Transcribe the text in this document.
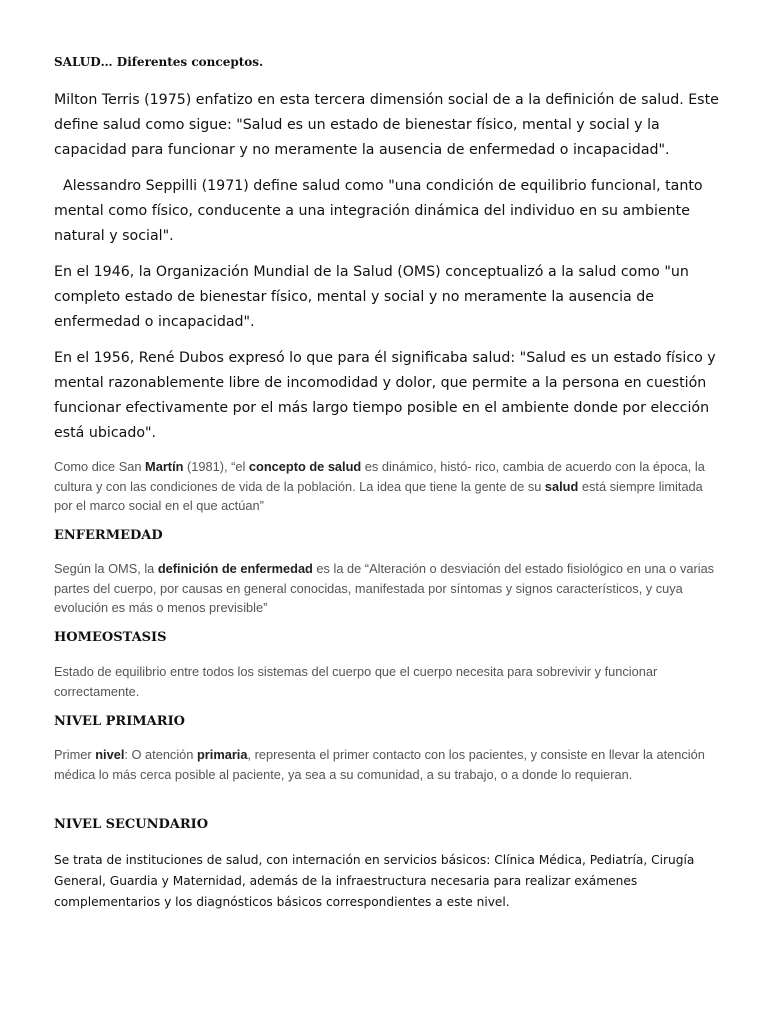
SALUD… Diferentes conceptos.

Milton Terris (1975) enfatizo en esta tercera dimensión social de a la definición de salud. Este define salud como sigue: "Salud es un estado de bienestar físico, mental y social y la capacidad para funcionar y no meramente la ausencia de enfermedad o incapacidad".

Alessandro Seppilli (1971) define salud como "una condición de equilibrio funcional, tanto mental como físico, conducente a una integración dinámica del individuo en su ambiente natural y social".

En el 1946, la Organización Mundial de la Salud (OMS) conceptualizó a la salud como "un completo estado de bienestar físico, mental y social y no meramente la ausencia de enfermedad o incapacidad".

En el 1956, René Dubos expresó lo que para él significaba salud: "Salud es un estado físico y mental razonablemente libre de incomodidad y dolor, que permite a la persona en cuestión funcionar efectivamente por el más largo tiempo posible en el ambiente donde por elección está ubicado".

Como dice San Martín (1981), “el concepto de salud es dinámico, histó- rico, cambia de acuerdo con la época, la cultura y con las condiciones de vida de la población. La idea que tiene la gente de su salud está siempre limitada por el marco social en el que actúan”

ENFERMEDAD

Según la OMS, la definición de enfermedad es la de “Alteración o desviación del estado fisiológico en una o varias partes del cuerpo, por causas en general conocidas, manifestada por síntomas y signos característicos, y cuya evolución es más o menos previsible”

HOMEOSTASIS

Estado de equilibrio entre todos los sistemas del cuerpo que el cuerpo necesita para sobrevivir y funcionar correctamente.

NIVEL PRIMARIO

Primer nivel: O atención primaria, representa el primer contacto con los pacientes, y consiste en llevar la atención médica lo más cerca posible al paciente, ya sea a su comunidad, a su trabajo, o a donde lo requieran.

NIVEL SECUNDARIO

Se trata de instituciones de salud, con internación en servicios básicos: Clínica Médica, Pediatría, Cirugía General, Guardia y Maternidad, además de la infraestructura necesaria para realizar exámenes complementarios y los diagnósticos básicos correspondientes a este nivel.
